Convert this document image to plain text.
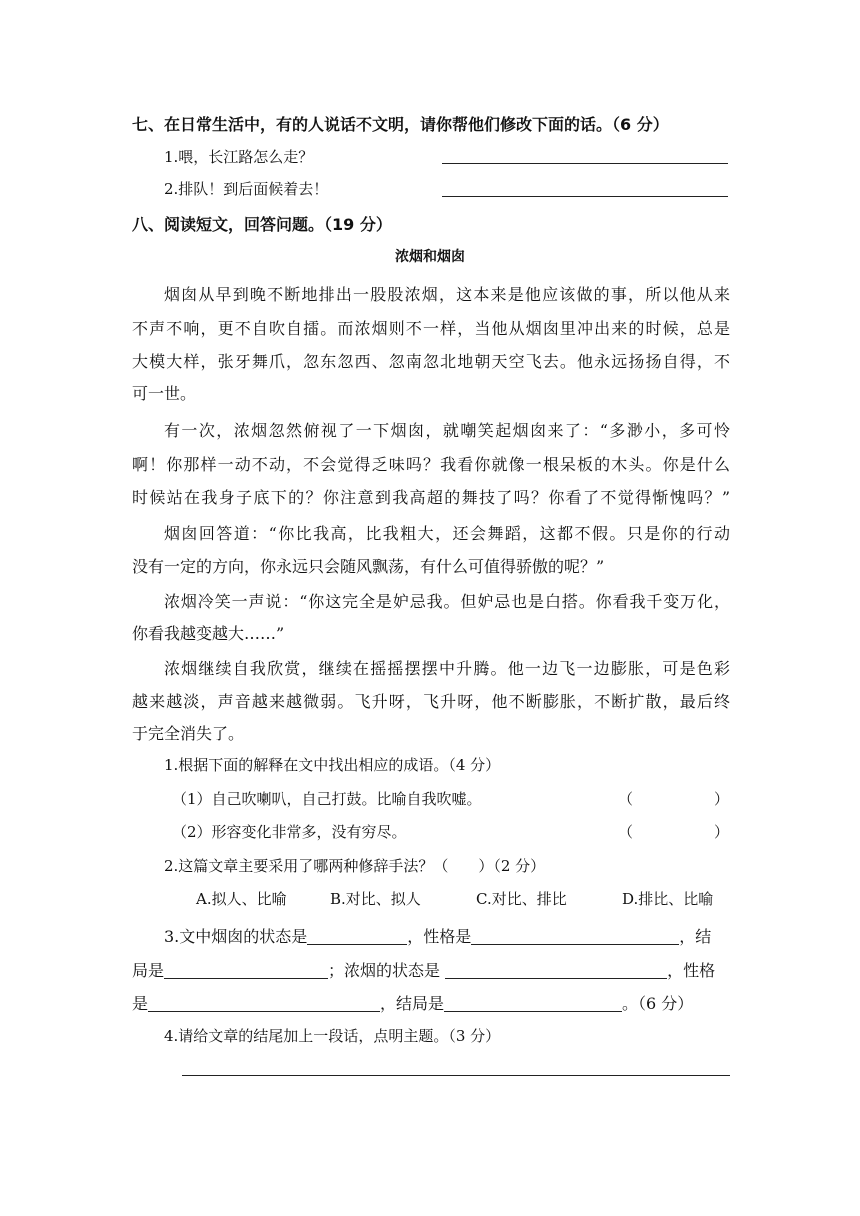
七、在日常生活中，有的人说话不文明，请你帮他们修改下面的话。（6 分）
1.喂，长江路怎么走？
2.排队！到后面候着去！
八、阅读短文，回答问题。（19 分）
浓烟和烟囱
烟囱从早到晚不断地排出一股股浓烟，这本来是他应该做的事，所以他从来
不声不响，更不自吹自擂。而浓烟则不一样，当他从烟囱里冲出来的时候，总是
大模大样，张牙舞爪，忽东忽西、忽南忽北地朝天空飞去。他永远扬扬自得，不
可一世。
有一次，浓烟忽然俯视了一下烟囱，就嘲笑起烟囱来了：“多渺小，多可怜
啊！你那样一动不动，不会觉得乏味吗？我看你就像一根呆板的木头。你是什么
时候站在我身子底下的？你注意到我高超的舞技了吗？你看了不觉得惭愧吗？”
烟囱回答道：“你比我高，比我粗大，还会舞蹈，这都不假。只是你的行动
没有一定的方向，你永远只会随风飘荡，有什么可值得骄傲的呢？”
浓烟冷笑一声说：“你这完全是妒忌我。但妒忌也是白搭。你看我千变万化，
你看我越变越大……”
浓烟继续自我欣赏，继续在摇摇摆摆中升腾。他一边飞一边膨胀，可是色彩
越来越淡，声音越来越微弱。飞升呀，飞升呀，他不断膨胀，不断扩散，最后终
于完全消失了。
1.根据下面的解释在文中找出相应的成语。（4 分）
（1）自己吹喇叭，自己打鼓。比喻自我吹嘘。	（	）
（2）形容变化非常多，没有穷尽。	（	）
2.这篇文章主要采用了哪两种修辞手法？（　　）（2 分）
A.拟人、比喻	B.对比、拟人	C.对比、排比	D.排比、比喻
3.文中烟囱的状态是	，性格是	，结
局是	；浓烟的状态是	，性格
是	，结局是	。（6 分）
4.请给文章的结尾加上一段话，点明主题。（3 分）
